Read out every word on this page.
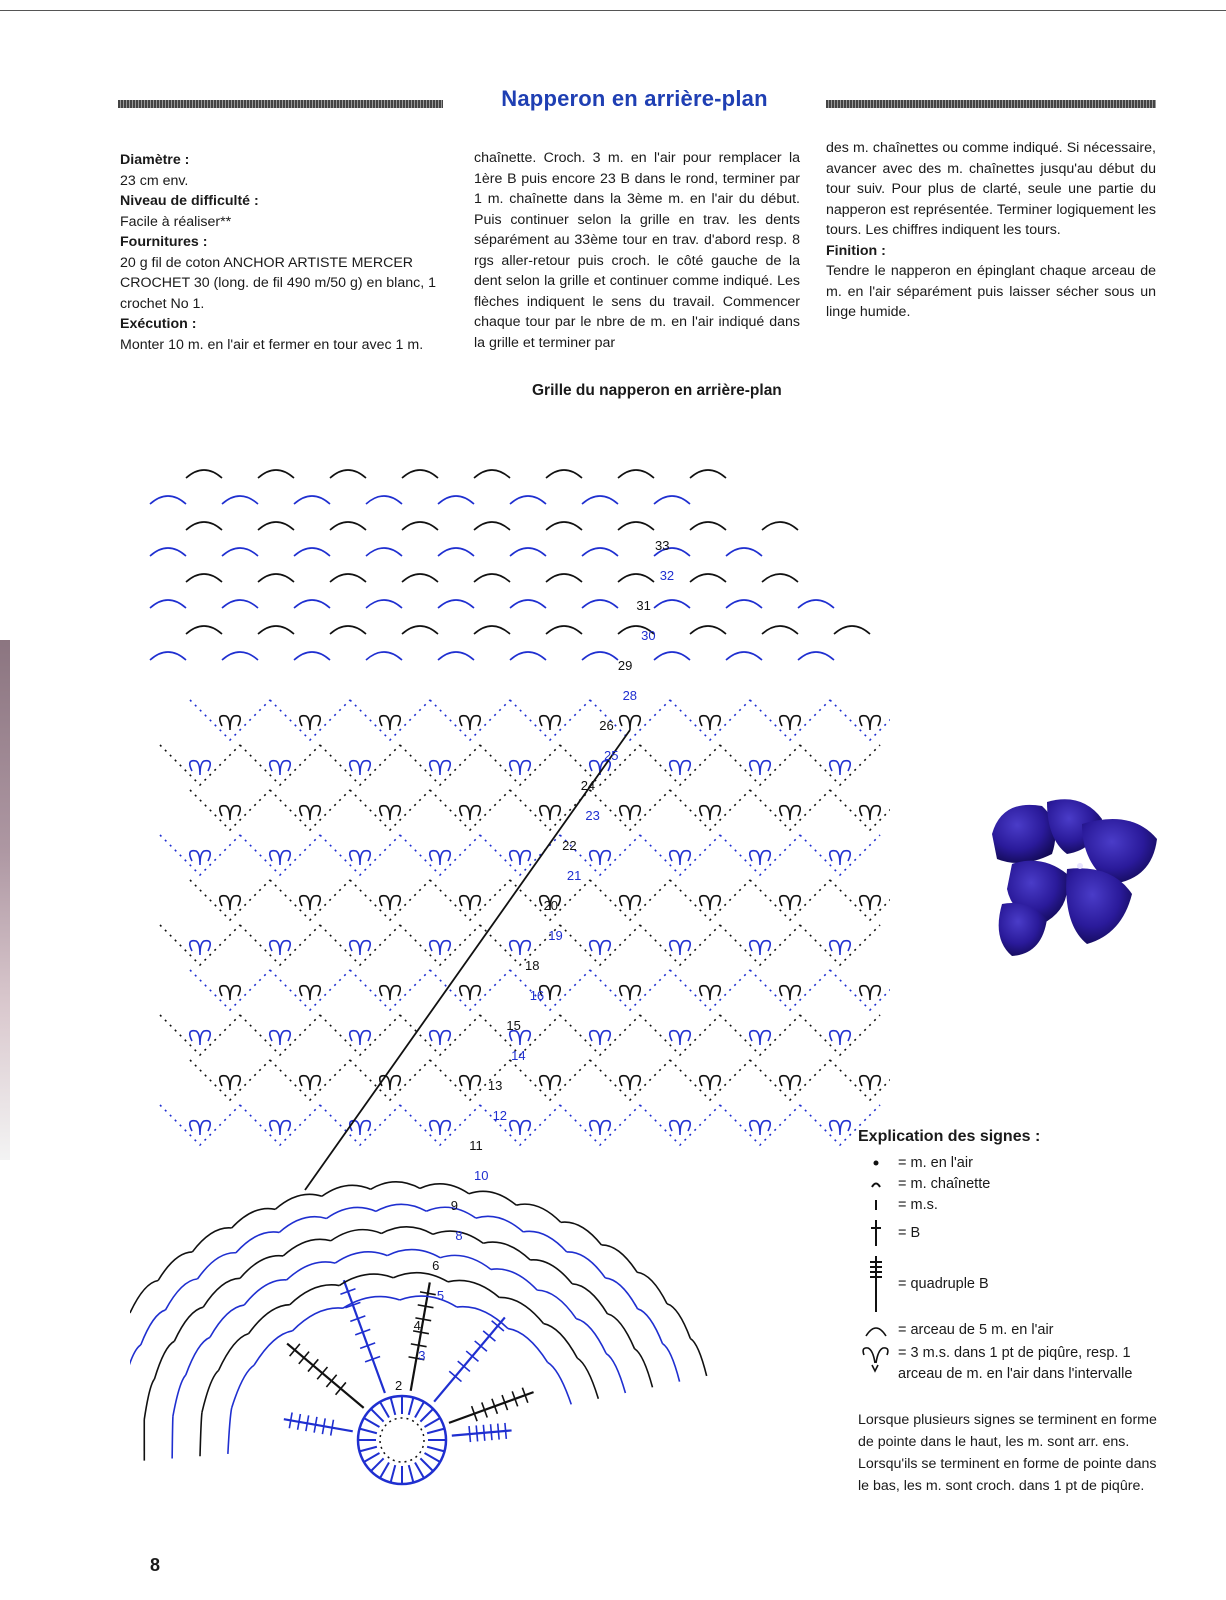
Napperon en arrière-plan
Diamètre :
23 cm env.
Niveau de difficulté :
Facile à réaliser**
Fournitures :
20 g fil de coton ANCHOR ARTISTE MERCER CROCHET 30 (long. de fil 490 m/50 g) en blanc, 1 crochet No 1.
Exécution :
Monter 10 m. en l'air et fermer en tour avec 1 m.
chaînette. Croch. 3 m. en l'air pour remplacer la 1ère B puis encore 23 B dans le rond, terminer par 1 m. chaînette dans la 3ème m. en l'air du début. Puis continuer selon la grille en trav. les dents séparément au 33ème tour en trav. d'abord resp. 8 rgs aller-retour puis croch. le côté gauche de la dent selon la grille et continuer comme indiqué. Les flèches indiquent le sens du travail. Commencer chaque tour par le nbre de m. en l'air indiqué dans la grille et terminer par
des m. chaînettes ou comme indiqué. Si nécessaire, avancer avec des m. chaînettes jusqu'au début du tour suiv. Pour plus de clarté, seule une partie du napperon est représentée. Terminer logiquement les tours. Les chiffres indiquent les tours.
Finition :
Tendre le napperon en épinglant chaque arceau de m. en l'air séparément puis laisser sécher sous un linge humide.
Grille du napperon en arrière-plan
2
3
4
5
6
8
9
10
11
12
13
14
15
16
18
19
20
21
22
23
24
25
26
28
29
30
31
32
33
Explication des signes :
= m. en l'air
= m. chaînette
= m.s.
= B
= quadruple B
= arceau de 5 m. en l'air
= 3 m.s. dans 1 pt de piqûre, resp. 1 arceau de m. en l'air dans l'intervalle
Lorsque plusieurs signes se terminent en forme de pointe dans le haut, les m. sont arr. ens. Lorsqu'ils se terminent en forme de pointe dans le bas, les m. sont croch. dans 1 pt de piqûre.
8
